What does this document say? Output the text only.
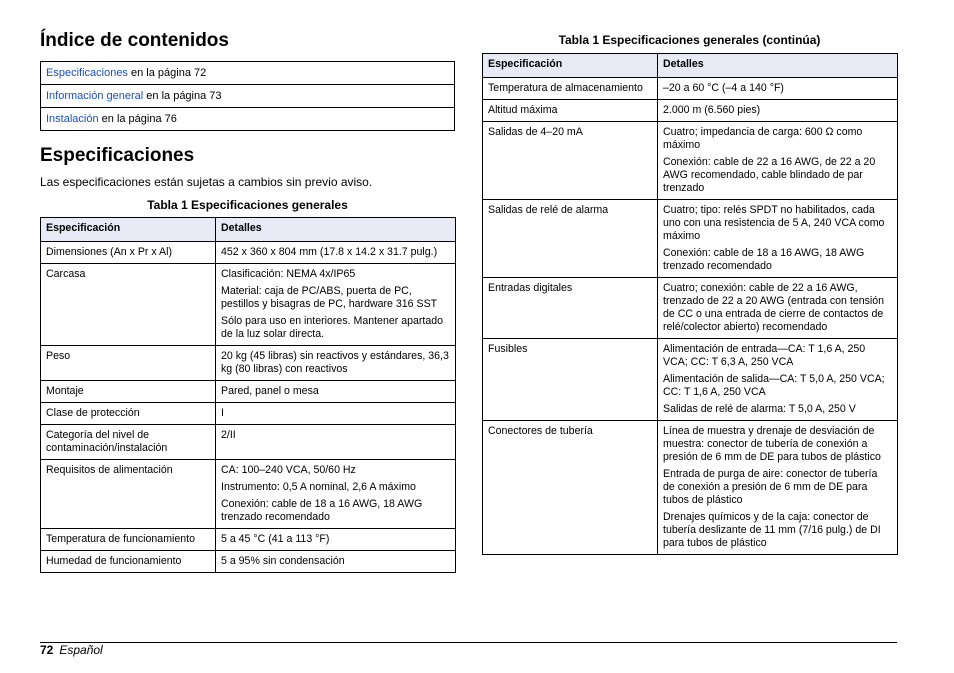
Índice de contenidos
Especificaciones en la página 72
Información general en la página 73
Instalación en la página 76
Especificaciones

Las especificaciones están sujetas a cambios sin previo aviso.

Tabla 1 Especificaciones generales
Especificación	Detalles
Dimensiones (An x Pr x Al)	452 x 360 x 804 mm (17.8 x 14.2 x 31.7 pulg.)

Carcasa	Clasificación: NEMA 4x/IP65

Material: caja de PC/ABS, puerta de PC, pestillos y bisagras de PC, hardware 316 SST

Sólo para uso en interiores. Mantener apartado de la luz solar directa.

Peso	20 kg (45 libras) sin reactivos y estándares, 36,3 kg (80 libras) con reactivos

Montaje	Pared, panel o mesa

Clase de protección	I

Categoría del nivel de contaminación/instalación	2/II

Requisitos de alimentación	CA: 100–240 VCA, 50/60 Hz

Instrumento: 0,5 A nominal, 2,6 A máximo

Conexión: cable de 18 a 16 AWG, 18 AWG trenzado recomendado

Temperatura de funcionamiento	5 a 45 °C (41 a 113 °F)

Humedad de funcionamiento	5 a 95% sin condensación

Tabla 1 Especificaciones generales (continúa)
Especificación	Detalles
Temperatura de almacenamiento	–20 a 60 °C (–4 a 140 °F)

Altitud máxima	2.000 m (6.560 pies)

Salidas de 4–20 mA	Cuatro; impedancia de carga: 600 Ω como máximo

Conexión: cable de 22 a 16 AWG, de 22 a 20 AWG recomendado, cable blindado de par trenzado

Salidas de relé de alarma	Cuatro; tipo: relés SPDT no habilitados, cada uno con una resistencia de 5 A, 240 VCA como máximo

Conexión: cable de 18 a 16 AWG, 18 AWG trenzado recomendado

Entradas digitales	Cuatro; conexión: cable de 22 a 16 AWG, trenzado de 22 a 20 AWG (entrada con tensión de CC o una entrada de cierre de contactos de relé/colector abierto) recomendado

Fusibles	Alimentación de entrada—CA: T 1,6 A, 250 VCA; CC: T 6,3 A, 250 VCA

Alimentación de salida—CA: T 5,0 A, 250 VCA; CC: T 1,6 A, 250 VCA

Salidas de relé de alarma: T 5,0 A, 250 V

Conectores de tubería	Línea de muestra y drenaje de desviación de muestra: conector de tubería de conexión a presión de 6 mm de DE para tubos de plástico

Entrada de purga de aire: conector de tubería de conexión a presión de 6 mm de DE para tubos de plástico

Drenajes químicos y de la caja: conector de tubería deslizante de 11 mm (7/16 pulg.) de DI para tubos de plástico

72 Español
